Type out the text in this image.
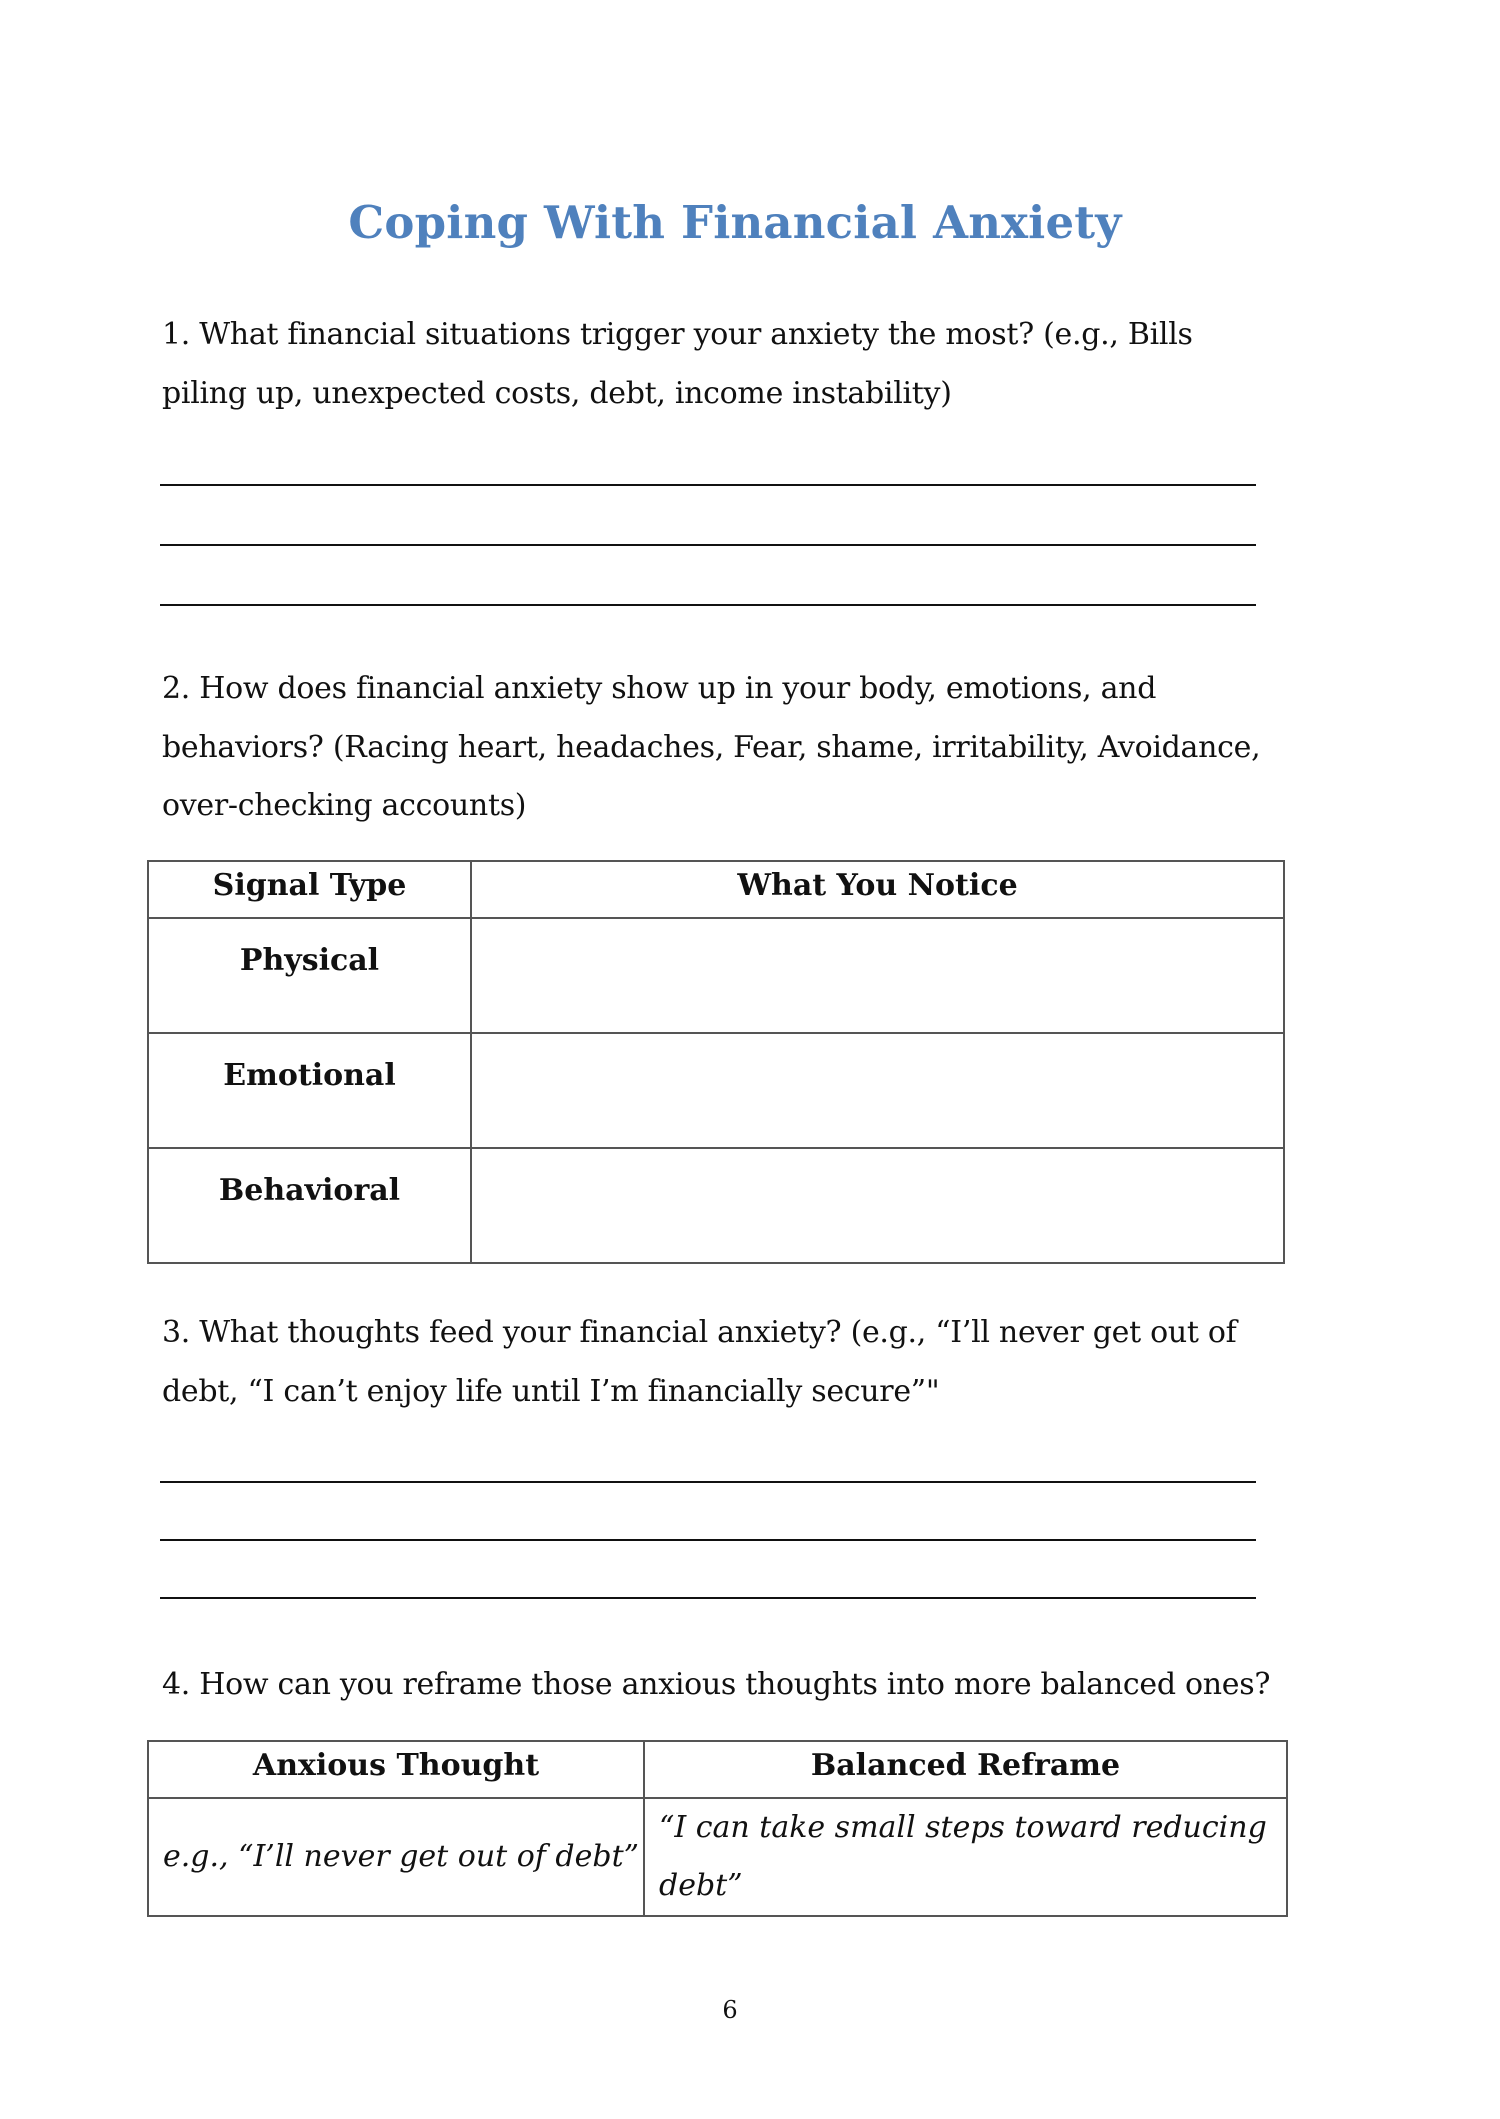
Coping With Financial Anxiety
1. What financial situations trigger your anxiety the most? (e.g., Bills
piling up, unexpected costs, debt, income instability)
2. How does financial anxiety show up in your body, emotions, and
behaviors? (Racing heart, headaches, Fear, shame, irritability, Avoidance,
over-checking accounts)
Signal Type	What You Notice
Physical	
Emotional	
Behavioral	
3. What thoughts feed your financial anxiety? (e.g., “I’ll never get out of
debt, “I can’t enjoy life until I’m financially secure”"
4. How can you reframe those anxious thoughts into more balanced ones?
Anxious Thought	Balanced Reframe
e.g., “I’ll never get out of debt”	“I can take small steps toward reducing
debt”
6
